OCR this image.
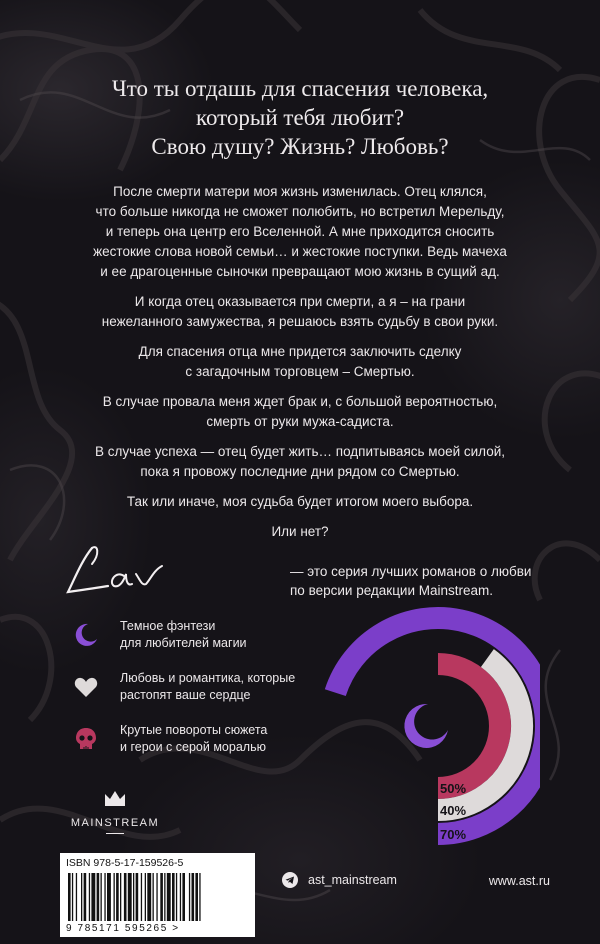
Что ты отдашь для спасения человека,
который тебя любит?
Свою душу? Жизнь? Любовь?

После смерти матери моя жизнь изменилась. Отец клялся,
что больше никогда не сможет полюбить, но встретил Мерельду,
и теперь она центр его Вселенной. А мне приходится сносить
жестокие слова новой семьи… и жестокие поступки. Ведь мачеха
и ее драгоценные сыночки превращают мою жизнь в сущий ад.

И когда отец оказывается при смерти, а я – на грани
нежеланного замужества, я решаюсь взять судьбу в свои руки.

Для спасения отца мне придется заключить сделку
с загадочным торговцем – Смертью.

В случае провала меня ждет брак и, с большой вероятностью,
смерть от руки мужа-садиста.

В случае успеха — отец будет жить… подпитываясь моей силой,
пока я провожу последние дни рядом со Смертью.

Так или иначе, моя судьба будет итогом моего выбора.

Или нет?

— это серия лучших романов о любви
по версии редакции Mainstream.
Темное фэнтези
для любителей магии
Любовь и романтика, которые
растопят ваше сердце
Крутые повороты сюжета
и герои с серой моралью
50%
40%
70%
MAINSTREAM
ISBN 978-5-17-159526-5
9 785171 595265 >
ast_mainstream	www.ast.ru
